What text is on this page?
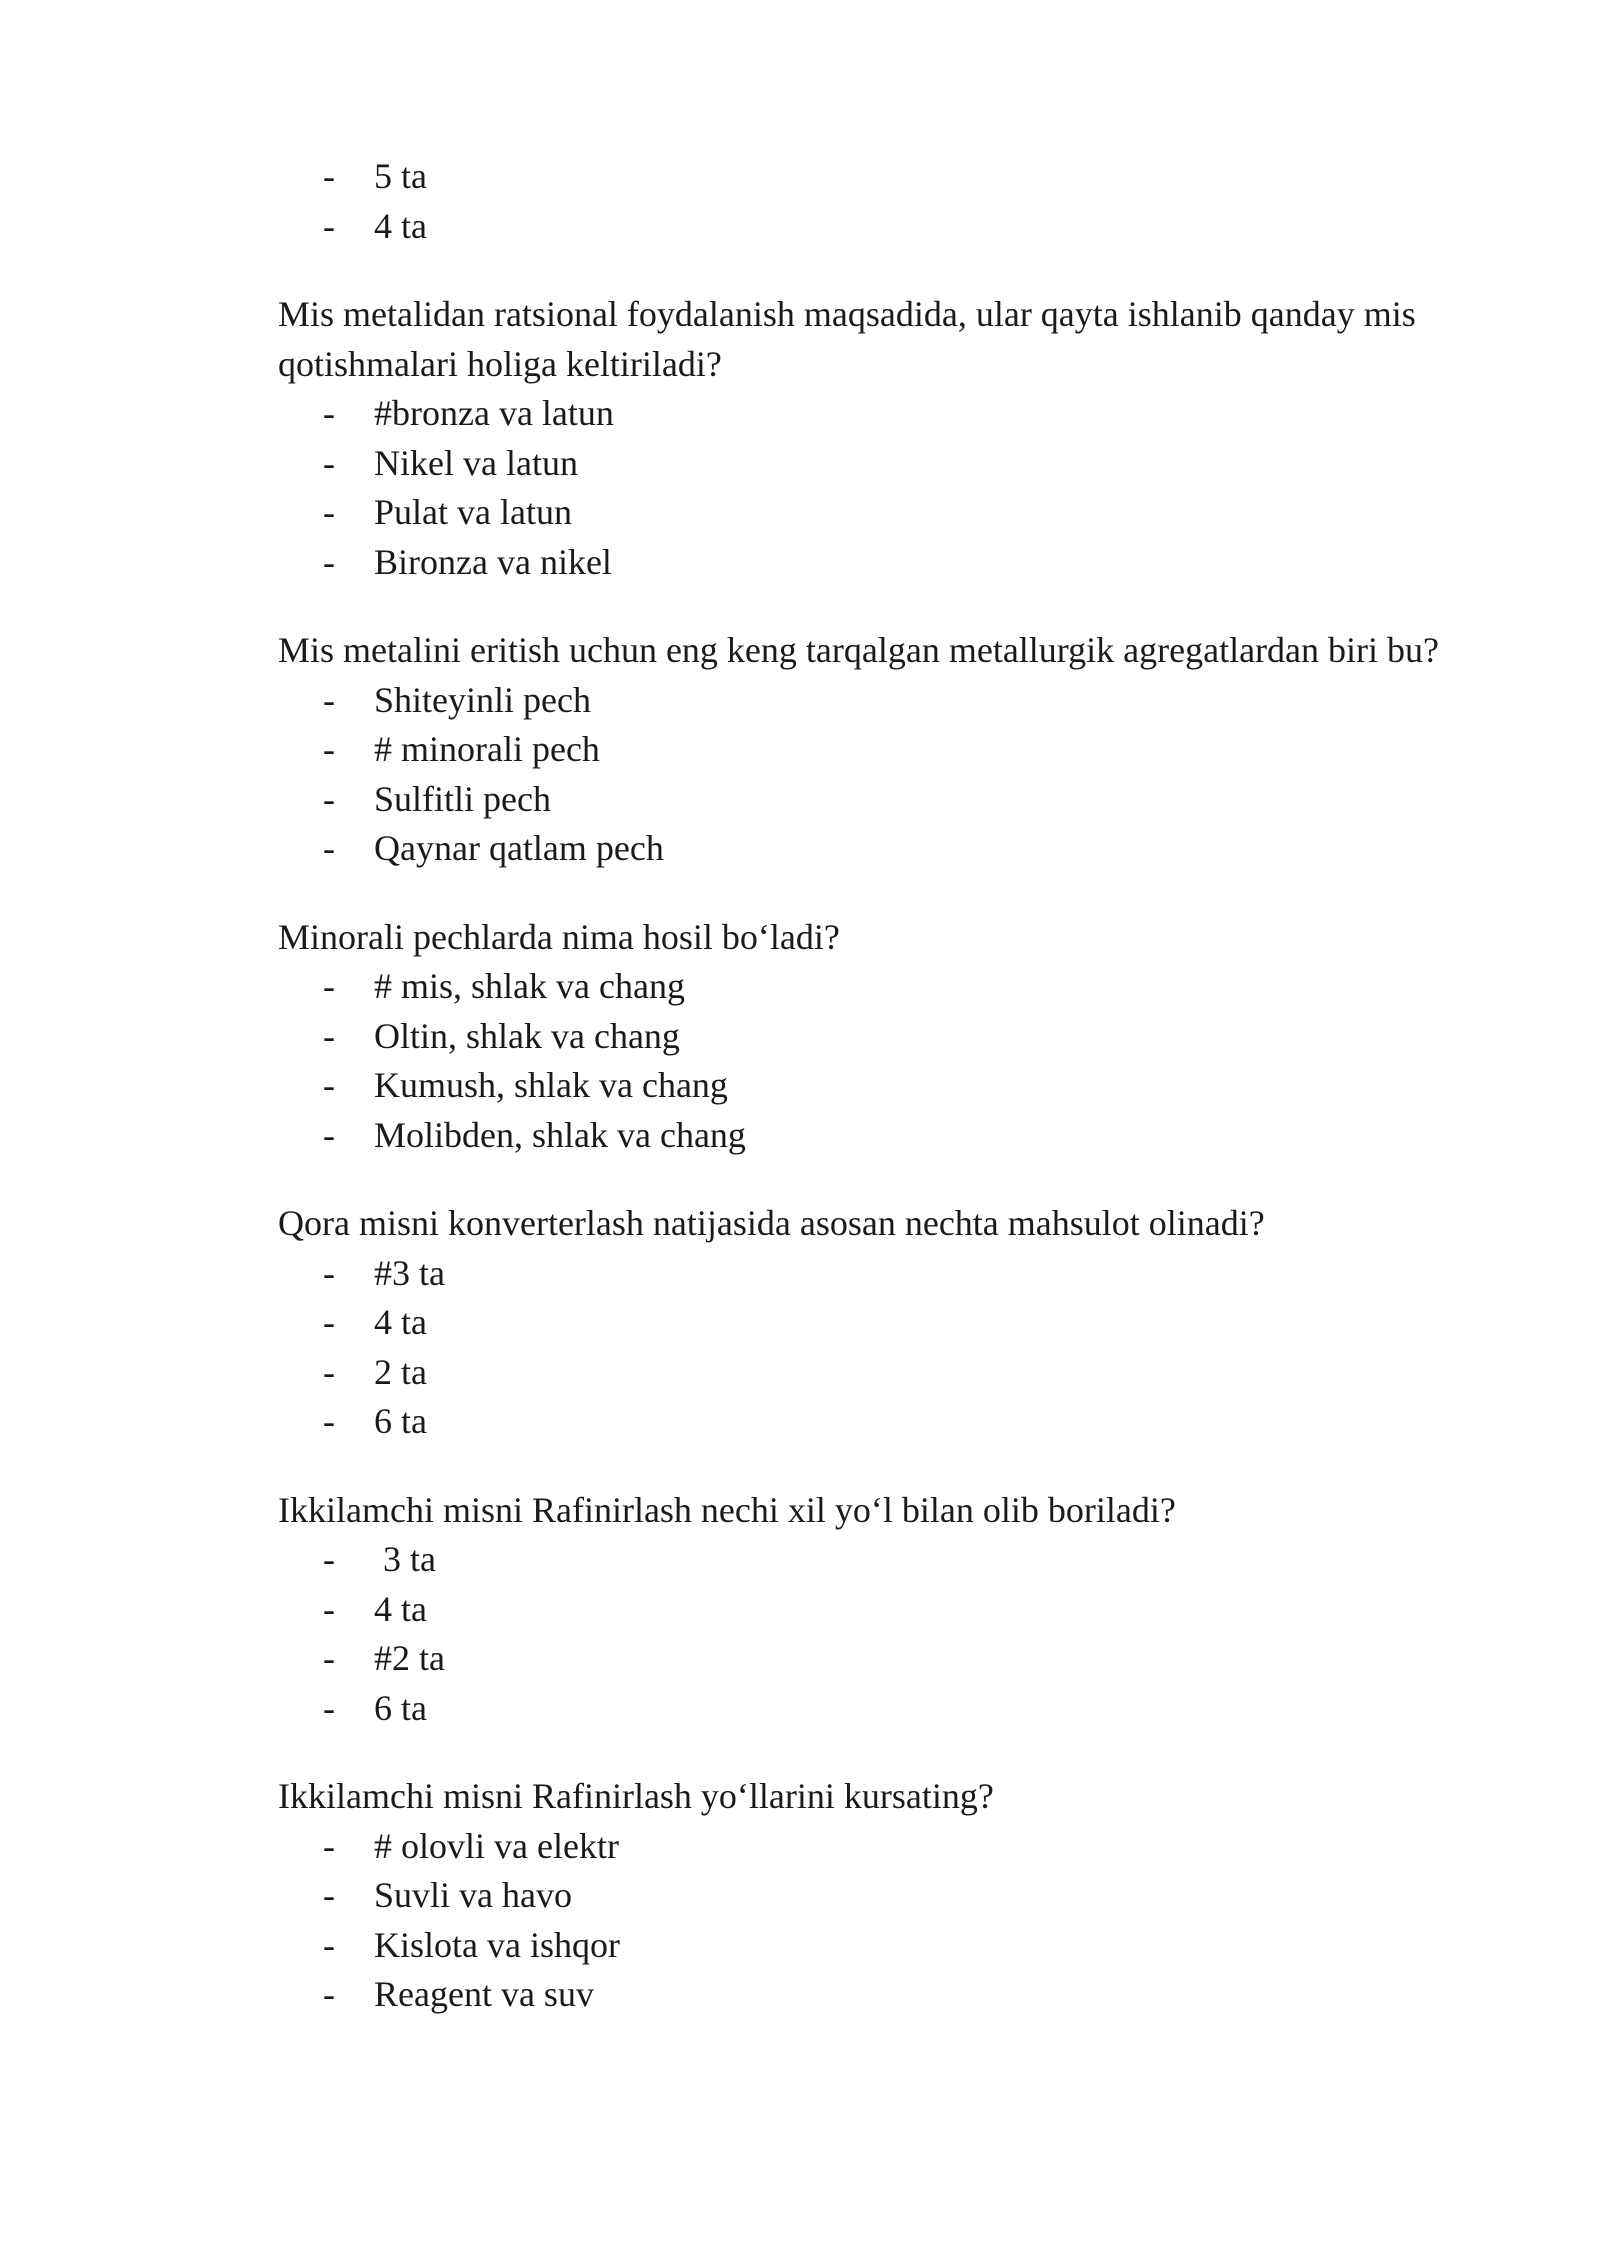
- 5 ta
- 4 ta

Mis metalidan ratsional foydalanish maqsadida, ular qayta ishlanib qanday mis qotishmalari holiga keltiriladi?

- #bronza va latun
- Nikel va latun
- Pulat va latun
- Bironza va nikel

Mis metalini eritish uchun eng keng tarqalgan metallurgik agregatlardan biri bu?

- Shiteyinli pech
- # minorali pech
- Sulfitli pech
- Qaynar qatlam pech

Minorali pechlarda nima hosil bo‘ladi?

- # mis, shlak va chang
- Oltin, shlak va chang
- Kumush, shlak va chang
- Molibden, shlak va chang

Qora misni konverterlash natijasida asosan nechta mahsulot olinadi?

- #3 ta
- 4 ta
- 2 ta
- 6 ta

Ikkilamchi misni Rafinirlash nechi xil yo‘l bilan olib boriladi?

- 3 ta
- 4 ta
- #2 ta
- 6 ta

Ikkilamchi misni Rafinirlash yo‘llarini kursating?

- # olovli va elektr
- Suvli va havo
- Kislota va ishqor
- Reagent va suv
